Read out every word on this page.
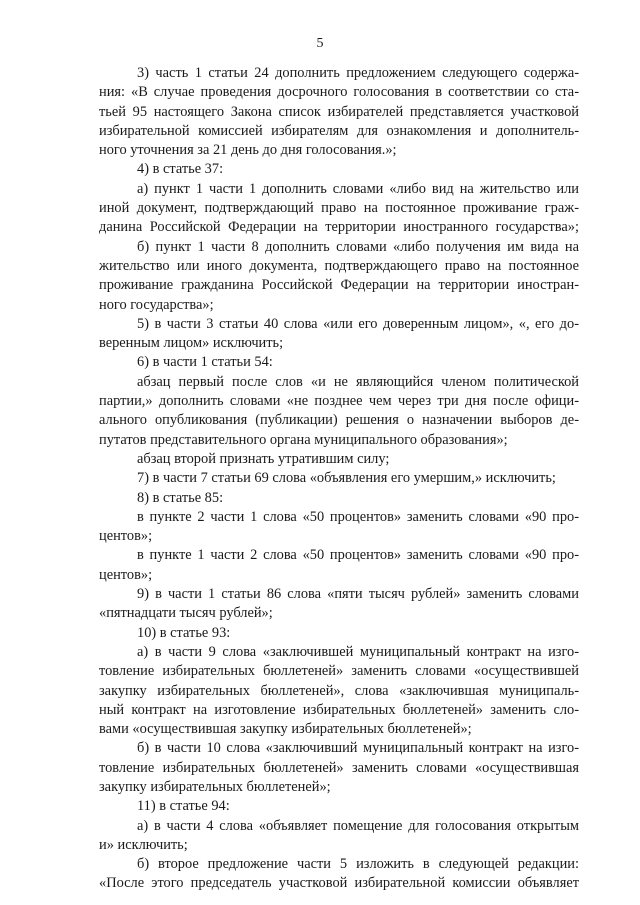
5
3) часть 1 статьи 24 дополнить предложением следующего содержа-
ния: «В случае проведения досрочного голосования в соответствии со ста-
тьей 95 настоящего Закона список избирателей представляется участковой
избирательной комиссией избирателям для ознакомления и дополнитель-
ного уточнения за 21 день до дня голосования.»;
4) в статье 37:
а) пункт 1 части 1 дополнить словами «либо вид на жительство или
иной документ, подтверждающий право на постоянное проживание граж-
данина Российской Федерации на территории иностранного государства»;
б) пункт 1 части 8 дополнить словами «либо получения им вида на
жительство или иного документа, подтверждающего право на постоянное
проживание гражданина Российской Федерации на территории иностран-
ного государства»;
5) в части 3 статьи 40 слова «или его доверенным лицом», «, его до-
веренным лицом» исключить;
6) в части 1 статьи 54:
абзац первый после слов «и не являющийся членом политической
партии,» дополнить словами «не позднее чем через три дня после офици-
ального опубликования (публикации) решения о назначении выборов де-
путатов представительного органа муниципального образования»;
абзац второй признать утратившим силу;
7) в части 7 статьи 69 слова «объявления его умершим,» исключить;
8) в статье 85:
в пункте 2 части 1 слова «50 процентов» заменить словами «90 про-
центов»;
в пункте 1 части 2 слова «50 процентов» заменить словами «90 про-
центов»;
9) в части 1 статьи 86 слова «пяти тысяч рублей» заменить словами
«пятнадцати тысяч рублей»;
10) в статье 93:
а) в части 9 слова «заключившей муниципальный контракт на изго-
товление избирательных бюллетеней» заменить словами «осуществившей
закупку избирательных бюллетеней», слова «заключившая муниципаль-
ный контракт на изготовление избирательных бюллетеней» заменить сло-
вами «осуществившая закупку избирательных бюллетеней»;
б) в части 10 слова «заключивший муниципальный контракт на изго-
товление избирательных бюллетеней» заменить словами «осуществившая
закупку избирательных бюллетеней»;
11) в статье 94:
а) в части 4 слова «объявляет помещение для голосования открытым
и» исключить;
б) второе предложение части 5 изложить в следующей редакции:
«После этого председатель участковой избирательной комиссии объявляет
